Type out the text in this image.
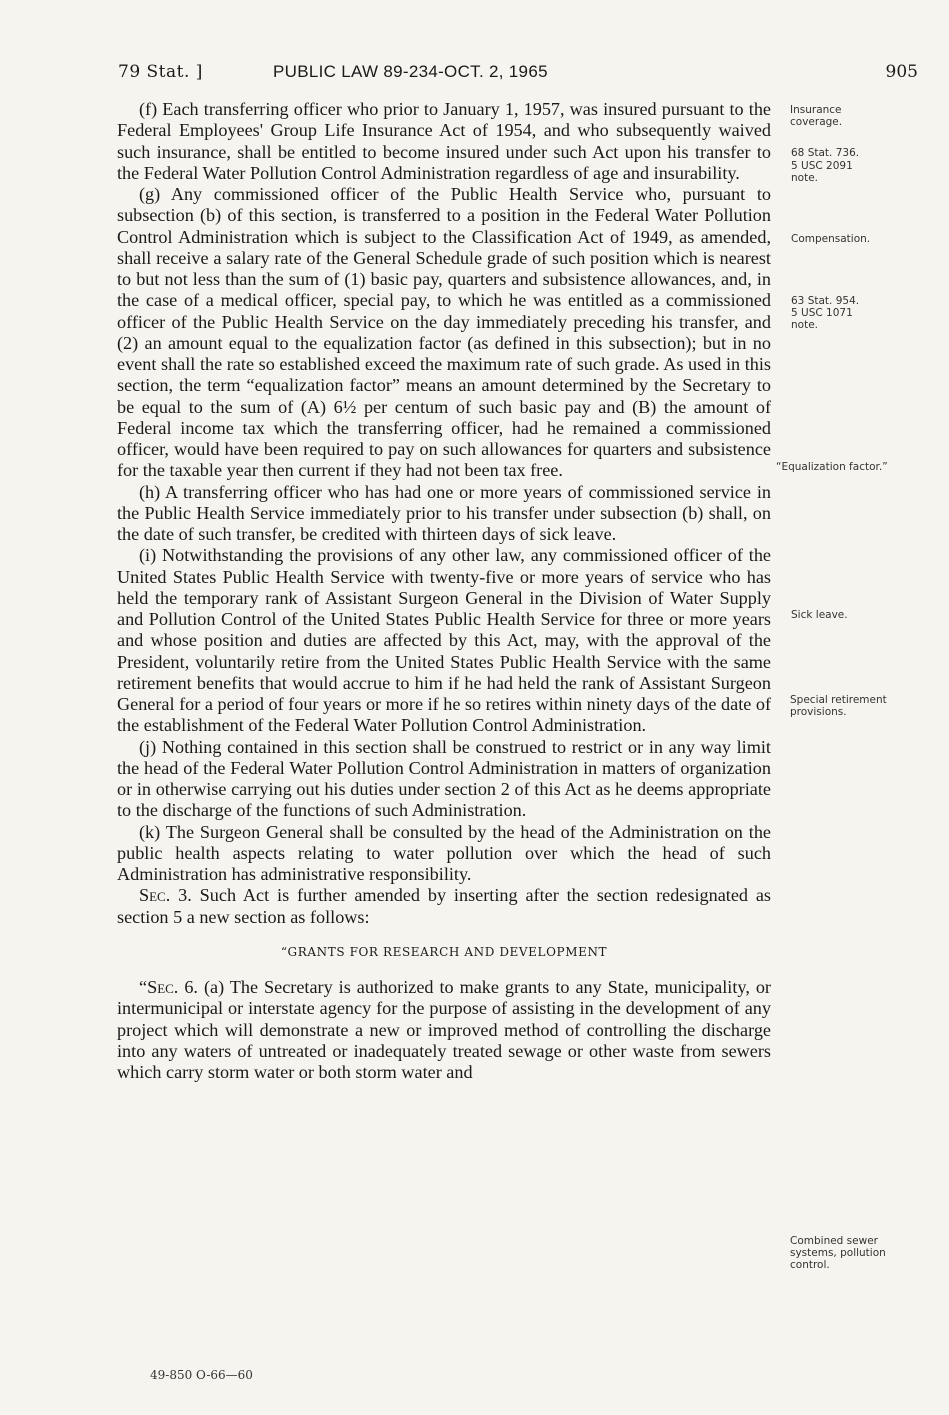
79 Stat. ]	PUBLIC LAW 89-234-OCT. 2, 1965	905

(f) Each transferring officer who prior to January 1, 1957, was insured pursuant to the Federal Employees' Group Life Insurance Act of 1954, and who subsequently waived such insurance, shall be entitled to become insured under such Act upon his transfer to the Federal Water Pollution Control Administration regardless of age and insurability.

(g) Any commissioned officer of the Public Health Service who, pursuant to subsection (b) of this section, is transferred to a position in the Federal Water Pollution Control Administration which is subject to the Classification Act of 1949, as amended, shall receive a salary rate of the General Schedule grade of such position which is nearest to but not less than the sum of (1) basic pay, quarters and subsistence allowances, and, in the case of a medical officer, special pay, to which he was entitled as a commissioned officer of the Public Health Service on the day immediately preceding his transfer, and (2) an amount equal to the equalization factor (as defined in this subsection); but in no event shall the rate so established exceed the maximum rate of such grade. As used in this section, the term “equalization factor” means an amount determined by the Secretary to be equal to the sum of (A) 6½ per centum of such basic pay and (B) the amount of Federal income tax which the transferring officer, had he remained a commissioned officer, would have been required to pay on such allowances for quarters and subsistence for the taxable year then current if they had not been tax free.

(h) A transferring officer who has had one or more years of commissioned service in the Public Health Service immediately prior to his transfer under subsection (b) shall, on the date of such transfer, be credited with thirteen days of sick leave.

(i) Notwithstanding the provisions of any other law, any commissioned officer of the United States Public Health Service with twenty-five or more years of service who has held the temporary rank of Assistant Surgeon General in the Division of Water Supply and Pollution Control of the United States Public Health Service for three or more years and whose position and duties are affected by this Act, may, with the approval of the President, voluntarily retire from the United States Public Health Service with the same retirement benefits that would accrue to him if he had held the rank of Assistant Surgeon General for a period of four years or more if he so retires within ninety days of the date of the establishment of the Federal Water Pollution Control Administration.

(j) Nothing contained in this section shall be construed to restrict or in any way limit the head of the Federal Water Pollution Control Administration in matters of organization or in otherwise carrying out his duties under section 2 of this Act as he deems appropriate to the discharge of the functions of such Administration.

(k) The Surgeon General shall be consulted by the head of the Administration on the public health aspects relating to water pollution over which the head of such Administration has administrative responsibility.

Sec. 3. Such Act is further amended by inserting after the section redesignated as section 5 a new section as follows:

“GRANTS FOR RESEARCH AND DEVELOPMENT

“Sec. 6. (a) The Secretary is authorized to make grants to any State, municipality, or intermunicipal or interstate agency for the purpose of assisting in the development of any project which will demonstrate a new or improved method of controlling the discharge into any waters of untreated or inadequately treated sewage or other waste from sewers which carry storm water or both storm water and

Insurance coverage.
68 Stat. 736.
5 USC 2091 note.
Compensation.
63 Stat. 954.
5 USC 1071 note.
“Equalization factor.”
Sick leave.
Special retirement provisions.
Combined sewer systems, pollution control.
49-850 O-66—60
